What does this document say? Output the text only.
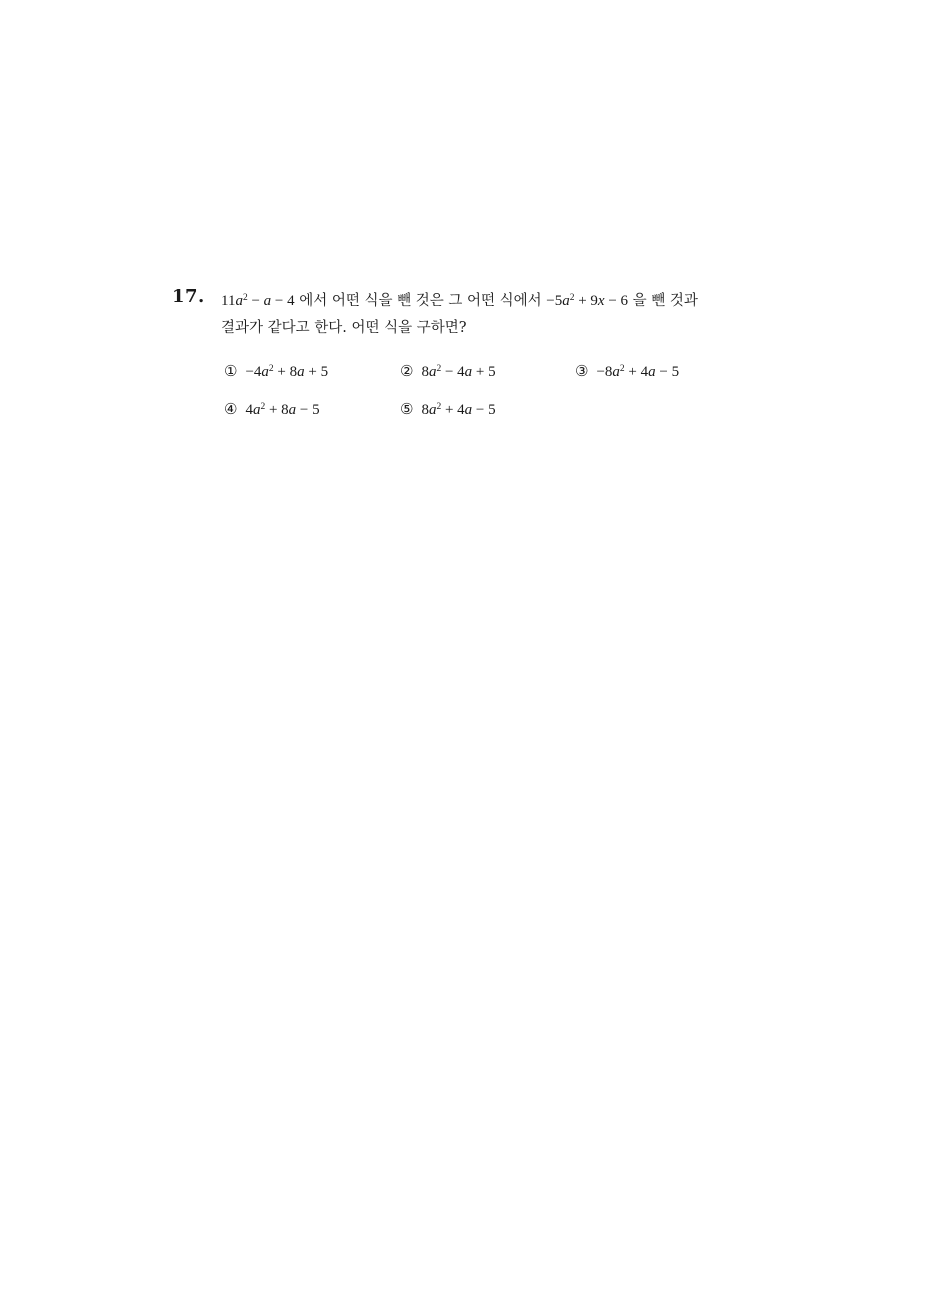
17. $11a^2 - a - 4$ 에서 어떤 식을 뺀 것은 그 어떤 식에서 $-5a^2 + 9x - 6$ 을 뺀 것과
결과가 같다고 한다. 어떤 식을 구하면?
① $-4a^2 + 8a + 5$	② $8a^2 - 4a + 5$	③ $-8a^2 + 4a - 5$
④ $4a^2 + 8a - 5$	⑤ $8a^2 + 4a - 5$
